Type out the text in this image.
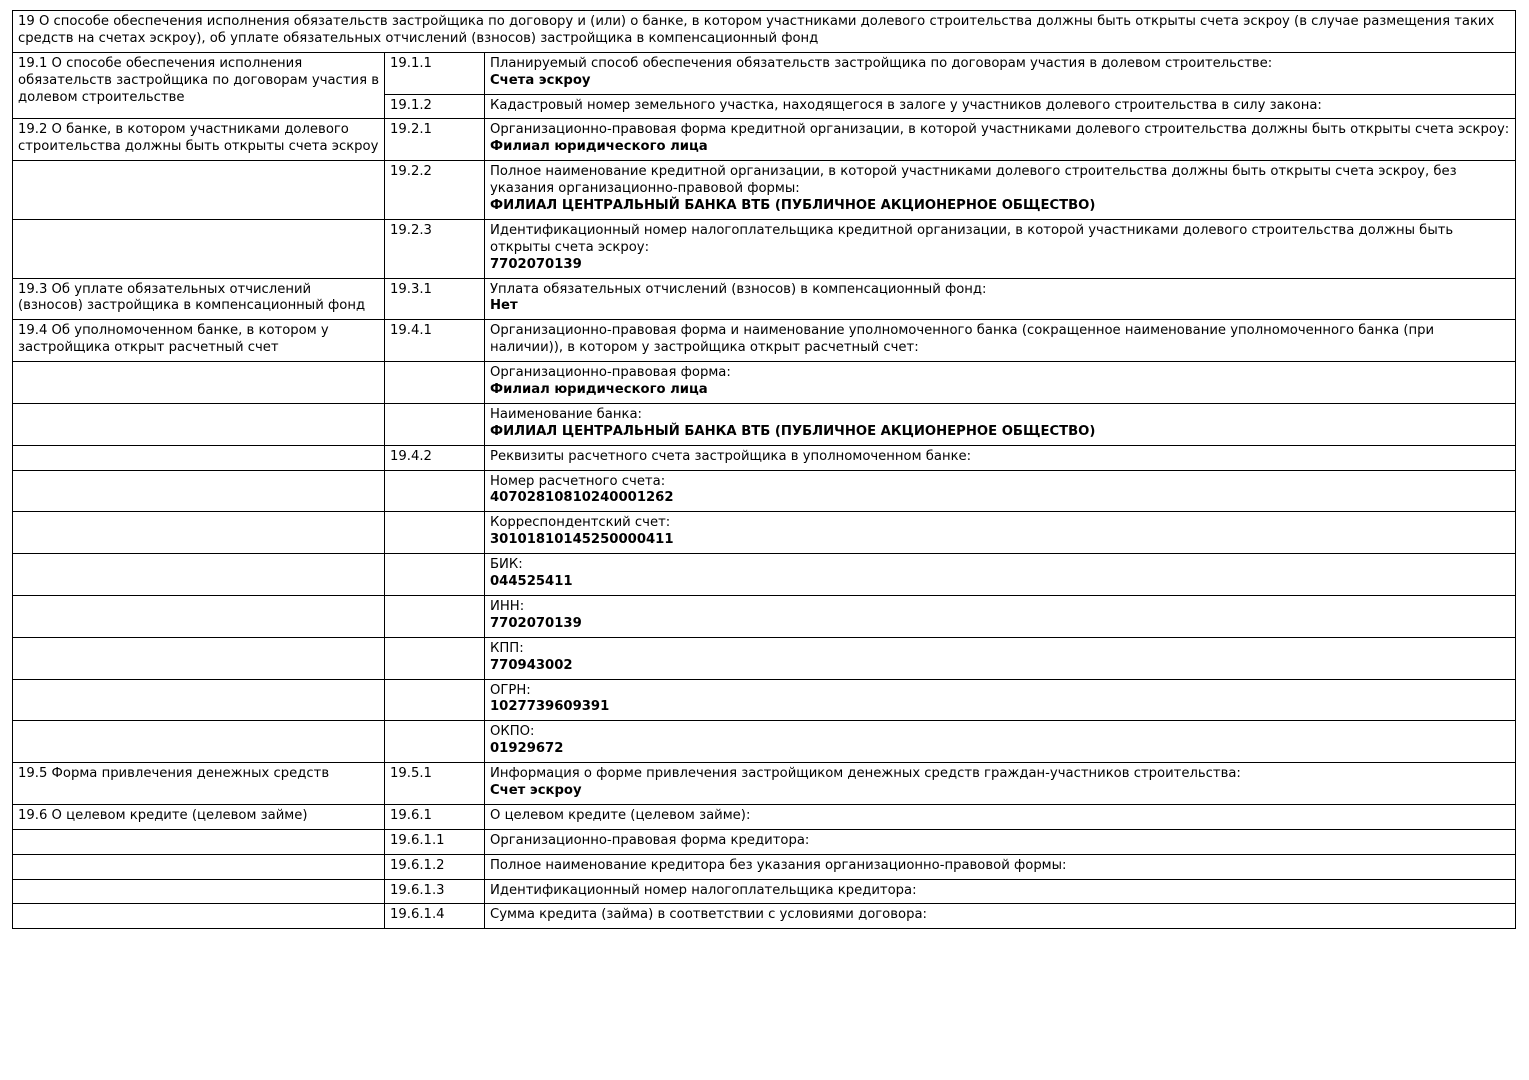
19 О способе обеспечения исполнения обязательств застройщика по договору и (или) о банке, в котором участниками долевого строительства должны быть открыты счета эскроу (в случае размещения таких средств на счетах эскроу), об уплате обязательных отчислений (взносов) застройщика в компенсационный фонд		
19.1 О способе обеспечения исполнения обязательств застройщика по договорам участия в долевом строительстве	19.1.1	Планируемый способ обеспечения обязательств застройщика по договорам участия в долевом строительстве:
Счета эскроу

	19.1.2	Кадастровый номер земельного участка, находящегося в залоге у участников долевого строительства в силу закона:

19.2 О банке, в котором участниками долевого строительства должны быть открыты счета эскроу	19.2.1	Организационно-правовая форма кредитной организации, в которой участниками долевого строительства должны быть открыты счета эскроу:
Филиал юридического лица

	19.2.2	Полное наименование кредитной организации, в которой участниками долевого строительства должны быть открыты счета эскроу, без указания организационно-правовой формы:
ФИЛИАЛ ЦЕНТРАЛЬНЫЙ БАНКА ВТБ (ПУБЛИЧНОЕ АКЦИОНЕРНОЕ ОБЩЕСТВО)

	19.2.3	Идентификационный номер налогоплательщика кредитной организации, в которой участниками долевого строительства должны быть открыты счета эскроу:
7702070139

19.3 Об уплате обязательных отчислений (взносов) застройщика в компенсационный фонд	19.3.1	Уплата обязательных отчислений (взносов) в компенсационный фонд:
Нет

19.4 Об уполномоченном банке, в котором у застройщика открыт расчетный счет	19.4.1	Организационно-правовая форма и наименование уполномоченного банка (сокращенное наименование уполномоченного банка (при наличии)), в котором у застройщика открыт расчетный счет:

		Организационно-правовая форма:
Филиал юридического лица

		Наименование банка:
ФИЛИАЛ ЦЕНТРАЛЬНЫЙ БАНКА ВТБ (ПУБЛИЧНОЕ АКЦИОНЕРНОЕ ОБЩЕСТВО)

	19.4.2	Реквизиты расчетного счета застройщика в уполномоченном банке:

		Номер расчетного счета:
40702810810240001262

		Корреспондентский счет:
30101810145250000411

		БИК:
044525411

		ИНН:
7702070139

		КПП:
770943002

		ОГРН:
1027739609391

		ОКПО:
01929672

19.5 Форма привлечения денежных средств	19.5.1	Информация о форме привлечения застройщиком денежных средств граждан-участников строительства:
Счет эскроу

19.6 О целевом кредите (целевом займе)	19.6.1	О целевом кредите (целевом займе):

	19.6.1.1	Организационно-правовая форма кредитора:

	19.6.1.2	Полное наименование кредитора без указания организационно-правовой формы:

	19.6.1.3	Идентификационный номер налогоплательщика кредитора:

	19.6.1.4	Сумма кредита (займа) в соответствии с условиями договора:
